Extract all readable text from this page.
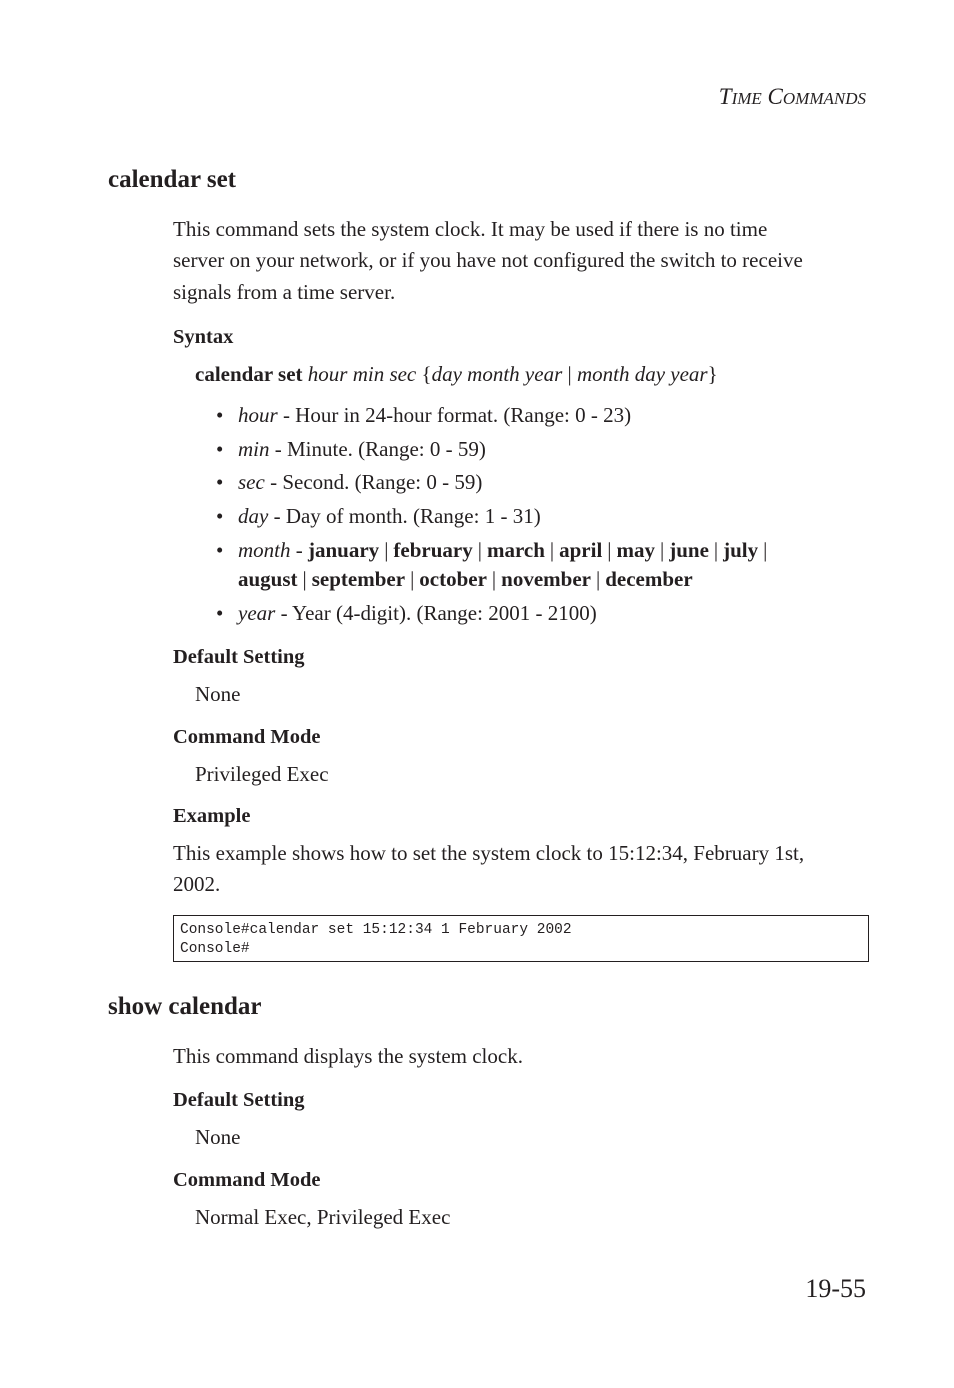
TIME COMMANDS
calendar set
This command sets the system clock. It may be used if there is no time
server on your network, or if you have not configured the switch to receive
signals from a time server.
Syntax
calendar set hour min sec {day month year | month day year}
• hour - Hour in 24-hour format. (Range: 0 - 23)
• min - Minute. (Range: 0 - 59)
• sec - Second. (Range: 0 - 59)
• day - Day of month. (Range: 1 - 31)
• month - january | february | march | april | may | june | july |
august | september | october | november | december
• year - Year (4-digit). (Range: 2001 - 2100)
Default Setting
None
Command Mode
Privileged Exec
Example
This example shows how to set the system clock to 15:12:34, February 1st,
2002.
Console#calendar set 15:12:34 1 February 2002
Console#
show calendar
This command displays the system clock.
Default Setting
None
Command Mode
Normal Exec, Privileged Exec
19-55
